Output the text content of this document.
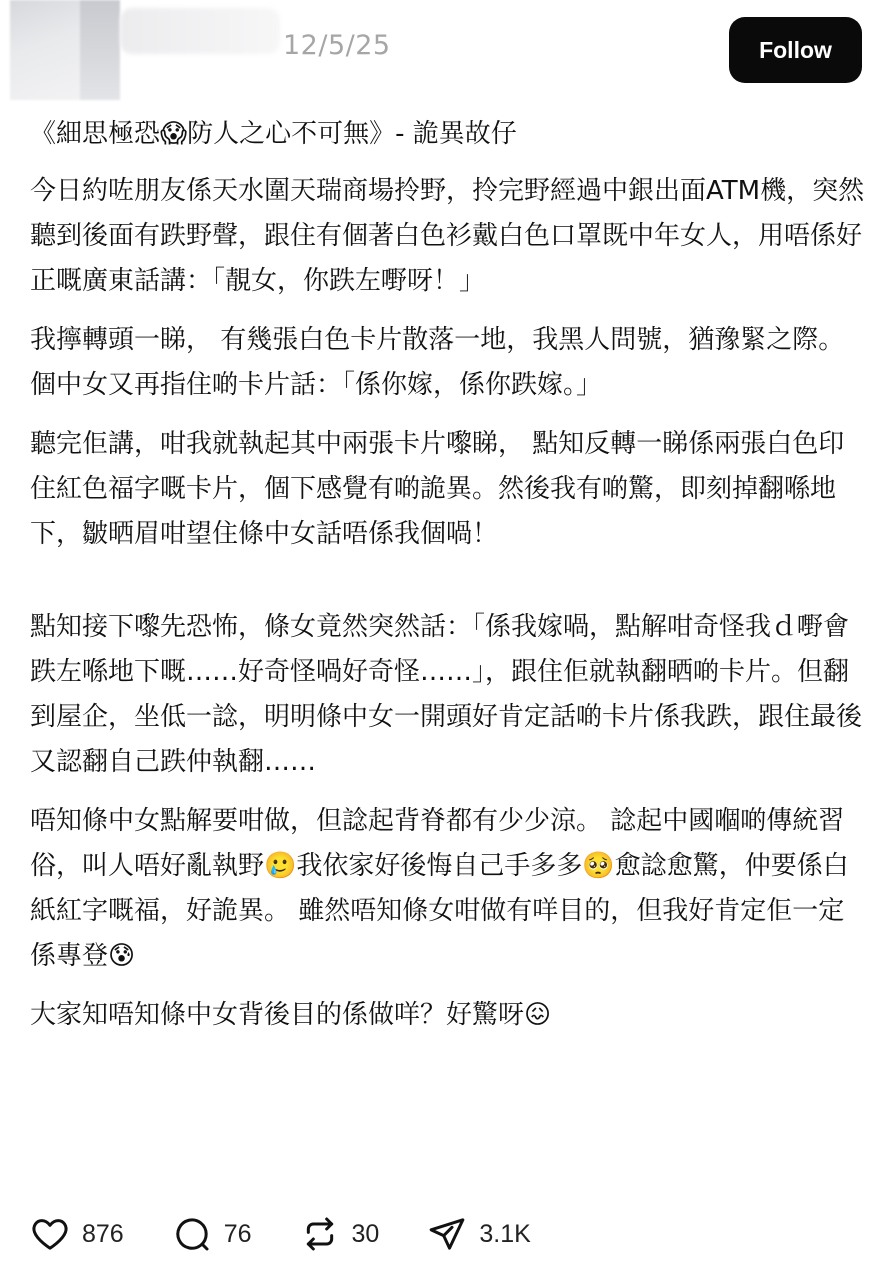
12/5/25	Follow

《細思極恐😱防人之心不可無》- 詭異故仔

今日約咗朋友係天水圍天瑞商場拎野，拎完野經過中銀出面ATM機，突然聽到後面有跌野聲，跟住有個著白色衫戴白色口罩既中年女人，用唔係好正嘅廣東話講：「靚女，你跌左嘢呀！」

我擰轉頭一睇， 有幾張白色卡片散落一地，我黑人問號，猶豫緊之際。個中女又再指住啲卡片話：「係你嫁，係你跌嫁。」

聽完佢講，咁我就執起其中兩張卡片嚟睇， 點知反轉一睇係兩張白色印住紅色福字嘅卡片，個下感覺有啲詭異。然後我有啲驚，即刻掉翻喺地下，皺晒眉咁望住條中女話唔係我個喎！

點知接下嚟先恐怖，條女竟然突然話：「係我嫁喎，點解咁奇怪我ｄ嘢會跌左喺地下嘅……好奇怪喎好奇怪……」，跟住佢就執翻晒啲卡片。但翻到屋企，坐低一諗，明明條中女一開頭好肯定話啲卡片係我跌，跟住最後又認翻自己跌仲執翻……

唔知條中女點解要咁做，但諗起背脊都有少少涼。 諗起中國嗰啲傳統習俗，叫人唔好亂執野🥲我依家好後悔自己手多多🥺愈諗愈驚，仲要係白紙紅字嘅福，好詭異。 雖然唔知條女咁做有咩目的，但我好肯定佢一定係專登😰

大家知唔知條中女背後目的係做咩？好驚呀😖

876	76	30	3.1K
